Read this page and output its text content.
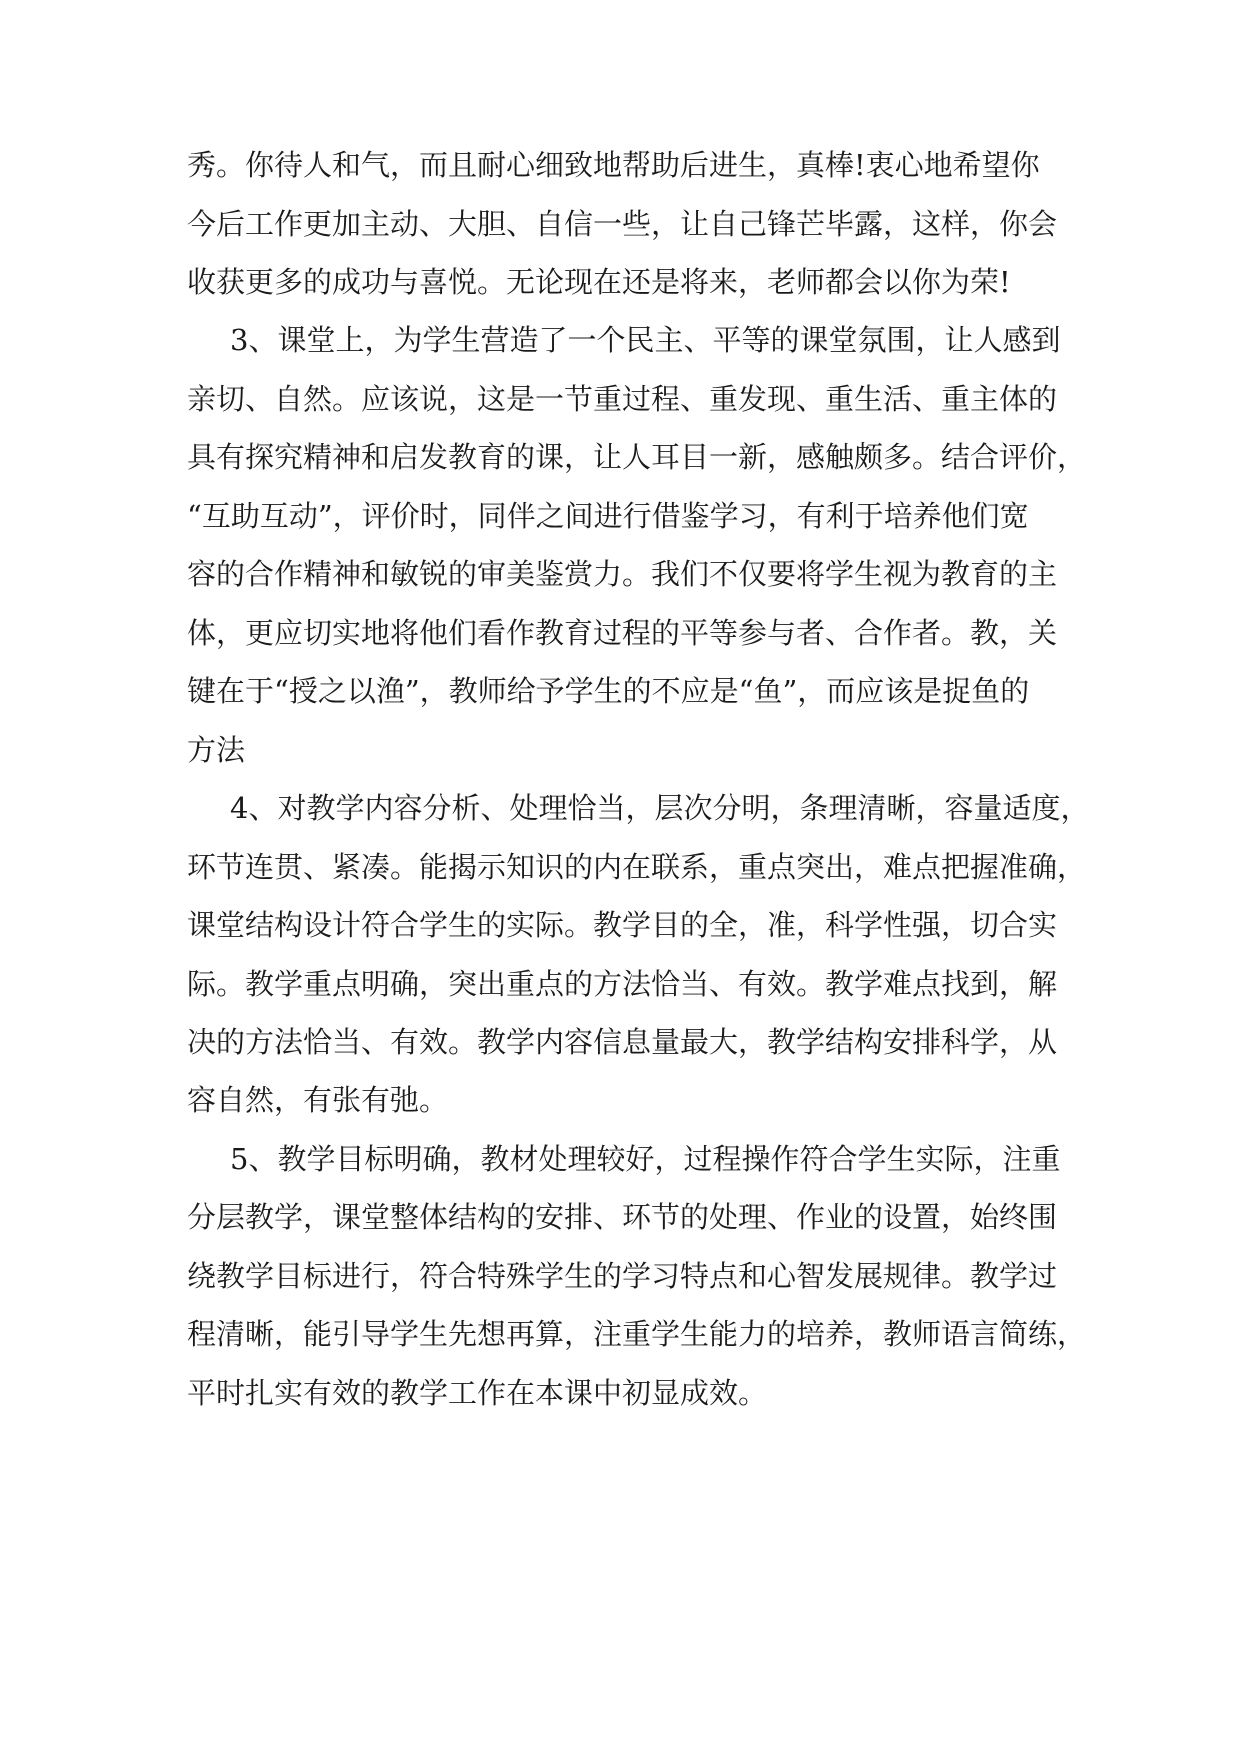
秀。你待人和气，而且耐心细致地帮助后进生，真棒!衷心地希望你
今后工作更加主动、大胆、自信一些，让自己锋芒毕露，这样，你会
收获更多的成功与喜悦。无论现在还是将来，老师都会以你为荣!
3、课堂上，为学生营造了一个民主、平等的课堂氛围，让人感到
亲切、自然。应该说，这是一节重过程、重发现、重生活、重主体的
具有探究精神和启发教育的课，让人耳目一新，感触颇多。结合评价，
“互助互动”，评价时，同伴之间进行借鉴学习，有利于培养他们宽
容的合作精神和敏锐的审美鉴赏力。我们不仅要将学生视为教育的主
体，更应切实地将他们看作教育过程的平等参与者、合作者。教，关
键在于“授之以渔”，教师给予学生的不应是“鱼”，而应该是捉鱼的
方法
4、对教学内容分析、处理恰当，层次分明，条理清晰，容量适度，
环节连贯、紧凑。能揭示知识的内在联系，重点突出，难点把握准确，
课堂结构设计符合学生的实际。教学目的全，准，科学性强，切合实
际。教学重点明确，突出重点的方法恰当、有效。教学难点找到，解
决的方法恰当、有效。教学内容信息量最大，教学结构安排科学，从
容自然，有张有弛。
5、教学目标明确，教材处理较好，过程操作符合学生实际，注重
分层教学，课堂整体结构的安排、环节的处理、作业的设置，始终围
绕教学目标进行，符合特殊学生的学习特点和心智发展规律。教学过
程清晰，能引导学生先想再算，注重学生能力的培养，教师语言简练，
平时扎实有效的教学工作在本课中初显成效。
